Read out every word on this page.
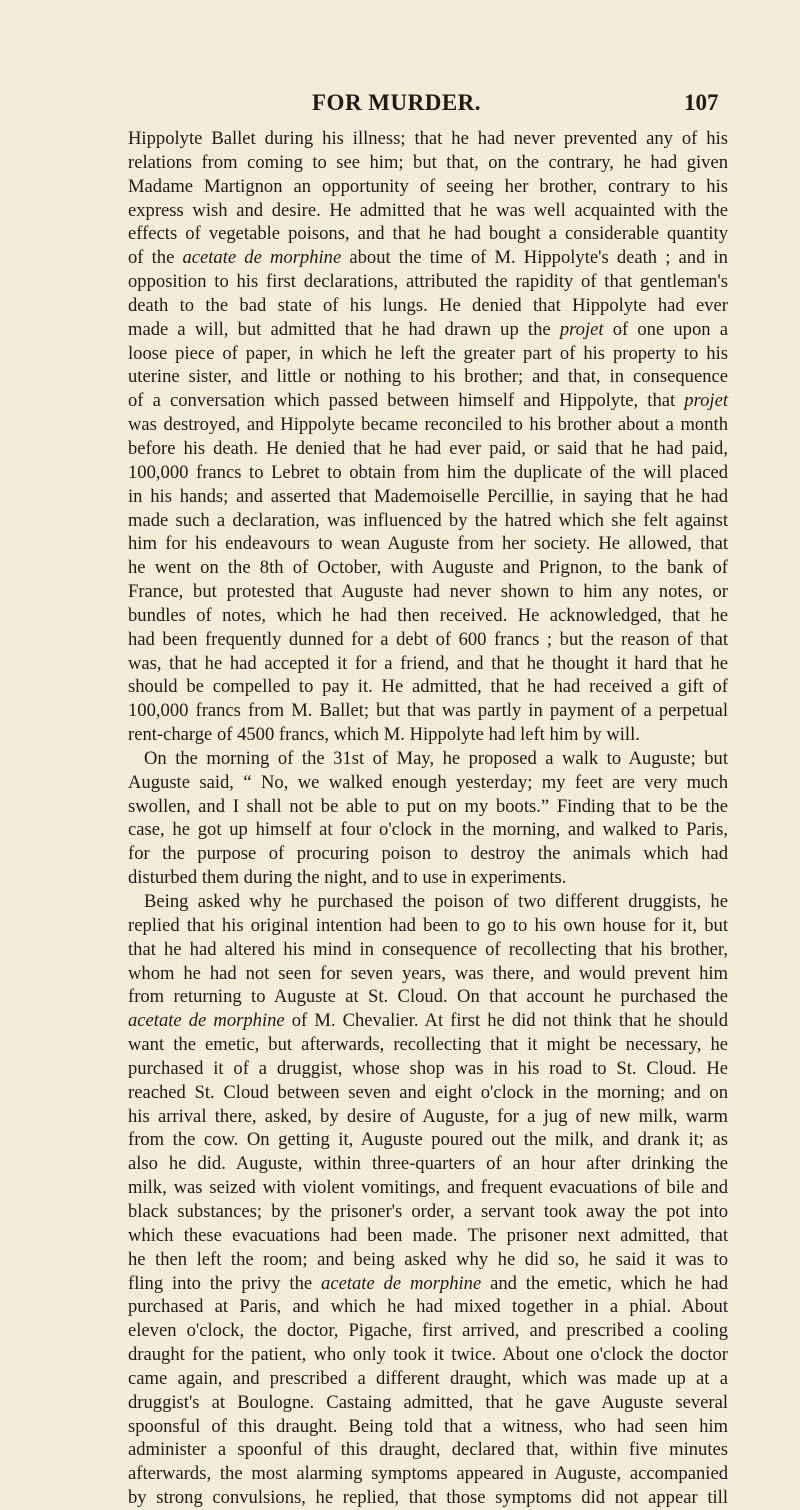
FOR MURDER.	107
Hippolyte Ballet during his illness; that he had never prevented any of his
relations from coming to see him; but that, on the contrary, he had given
Madame Martignon an opportunity of seeing her brother, contrary to his
express wish and desire. He admitted that he was well acquainted with the
effects of vegetable poisons, and that he had bought a considerable quantity
of the acetate de morphine about the time of M. Hippolyte's death ; and in
opposition to his first declarations, attributed the rapidity of that gentleman's
death to the bad state of his lungs. He denied that Hippolyte had ever
made a will, but admitted that he had drawn up the projet of one upon a
loose piece of paper, in which he left the greater part of his property to his
uterine sister, and little or nothing to his brother; and that, in consequence
of a conversation which passed between himself and Hippolyte, that projet
was destroyed, and Hippolyte became reconciled to his brother about a month
before his death. He denied that he had ever paid, or said that he had paid,
100,000 francs to Lebret to obtain from him the duplicate of the will placed
in his hands; and asserted that Mademoiselle Percillie, in saying that he had
made such a declaration, was influenced by the hatred which she felt against
him for his endeavours to wean Auguste from her society. He allowed, that
he went on the 8th of October, with Auguste and Prignon, to the bank of
France, but protested that Auguste had never shown to him any notes, or
bundles of notes, which he had then received. He acknowledged, that he
had been frequently dunned for a debt of 600 francs ; but the reason of that
was, that he had accepted it for a friend, and that he thought it hard that he
should be compelled to pay it. He admitted, that he had received a gift of
100,000 francs from M. Ballet; but that was partly in payment of a perpetual
rent-charge of 4500 francs, which M. Hippolyte had left him by will.
On the morning of the 31st of May, he proposed a walk to Auguste; but
Auguste said, “ No, we walked enough yesterday; my feet are very much
swollen, and I shall not be able to put on my boots.” Finding that to be the
case, he got up himself at four o'clock in the morning, and walked to Paris,
for the purpose of procuring poison to destroy the animals which had
disturbed them during the night, and to use in experiments.
Being asked why he purchased the poison of two different druggists, he
replied that his original intention had been to go to his own house for it, but
that he had altered his mind in consequence of recollecting that his brother,
whom he had not seen for seven years, was there, and would prevent him
from returning to Auguste at St. Cloud. On that account he purchased the
acetate de morphine of M. Chevalier. At first he did not think that he should
want the emetic, but afterwards, recollecting that it might be necessary, he
purchased it of a druggist, whose shop was in his road to St. Cloud. He
reached St. Cloud between seven and eight o'clock in the morning; and on
his arrival there, asked, by desire of Auguste, for a jug of new milk, warm
from the cow. On getting it, Auguste poured out the milk, and drank it; as
also he did. Auguste, within three-quarters of an hour after drinking the
milk, was seized with violent vomitings, and frequent evacuations of bile and
black substances; by the prisoner's order, a servant took away the pot into
which these evacuations had been made. The prisoner next admitted, that
he then left the room; and being asked why he did so, he said it was to
fling into the privy the acetate de morphine and the emetic, which he had
purchased at Paris, and which he had mixed together in a phial. About
eleven o'clock, the doctor, Pigache, first arrived, and prescribed a cooling
draught for the patient, who only took it twice. About one o'clock the doctor
came again, and prescribed a different draught, which was made up at a
druggist's at Boulogne. Castaing admitted, that he gave Auguste several
spoonsful of this draught. Being told that a witness, who had seen him
administer a spoonful of this draught, declared that, within five minutes
afterwards, the most alarming symptoms appeared in Auguste, accompanied
by strong convulsions, he replied, that those symptoms did not appear till
